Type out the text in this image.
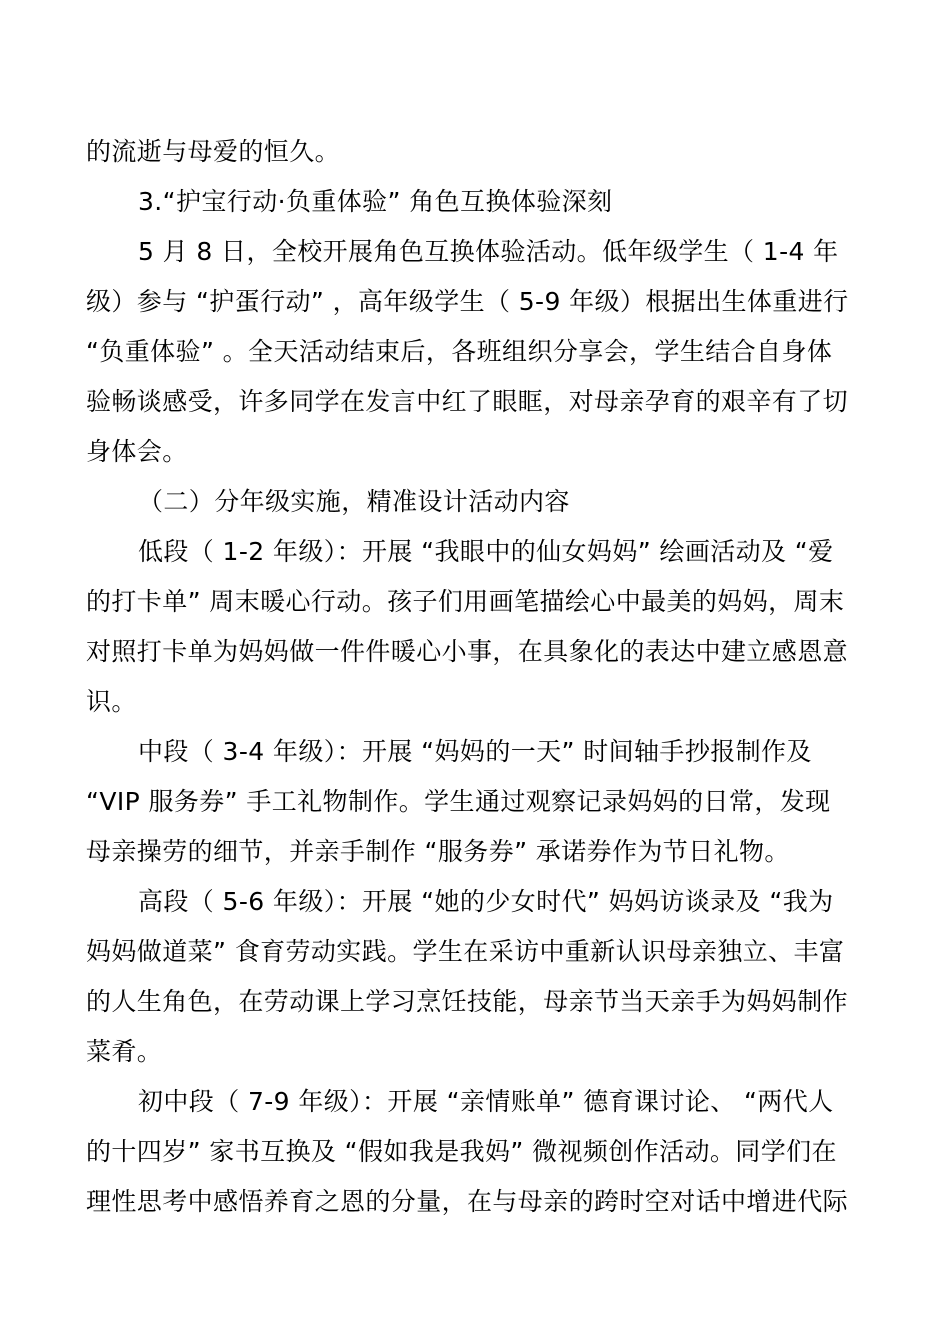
的流逝与母爱的恒久。
3.“护宝行动·负重体验” 角色互换体验深刻
5 月 8 日，全校开展角色互换体验活动。低年级学生（ 1-4 年
级）参与 “护蛋行动” ，高年级学生（ 5-9 年级）根据出生体重进行
“负重体验” 。全天活动结束后，各班组织分享会，学生结合自身体
验畅谈感受，许多同学在发言中红了眼眶，对母亲孕育的艰辛有了切
身体会。
（二）分年级实施，精准设计活动内容
低段（ 1-2 年级）：开展 “我眼中的仙女妈妈” 绘画活动及 “爱
的打卡单” 周末暖心行动。孩子们用画笔描绘心中最美的妈妈，周末
对照打卡单为妈妈做一件件暖心小事，在具象化的表达中建立感恩意
识。
中段（ 3-4 年级）：开展 “妈妈的一天” 时间轴手抄报制作及
“VIP 服务券” 手工礼物制作。学生通过观察记录妈妈的日常，发现
母亲操劳的细节，并亲手制作 “服务券” 承诺券作为节日礼物。
高段（ 5-6 年级）：开展 “她的少女时代” 妈妈访谈录及 “我为
妈妈做道菜” 食育劳动实践。学生在采访中重新认识母亲独立、丰富
的人生角色，在劳动课上学习烹饪技能，母亲节当天亲手为妈妈制作
菜肴。
初中段（ 7-9 年级）：开展 “亲情账单” 德育课讨论、 “两代人
的十四岁” 家书互换及 “假如我是我妈” 微视频创作活动。同学们在
理性思考中感悟养育之恩的分量，在与母亲的跨时空对话中增进代际
